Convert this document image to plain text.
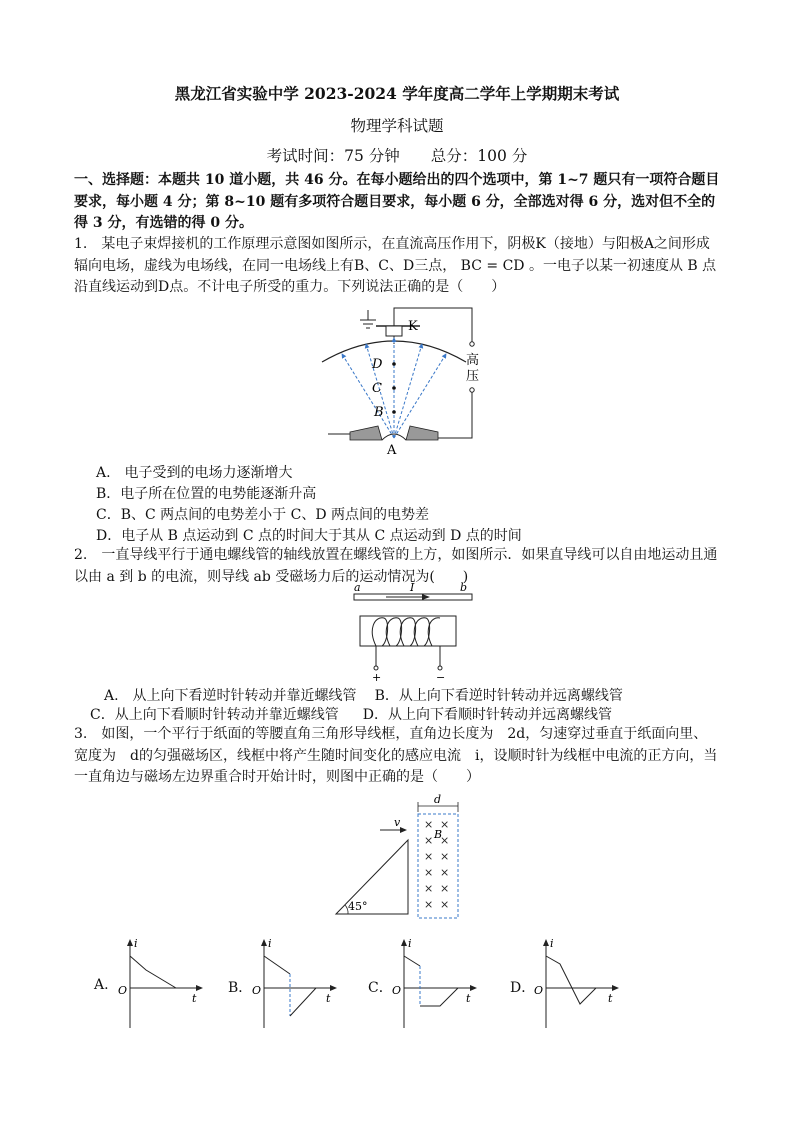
黑龙江省实验中学 2023-2024 学年度高二学年上学期期末考试
物理学科试题
考试时间：75 分钟　　总分：100 分
一、选择题：本题共 10 道小题，共 46 分。在每小题给出的四个选项中，第 1~7 题只有一项符合题目要求，每小题 4 分；第 8~10 题有多项符合题目要求，每小题 6 分，全部选对得 6 分，选对但不全的得 3 分，有选错的得 0 分。
1.　某电子束焊接机的工作原理示意图如图所示，在直流高压作用下，阴极K（接地）与阳极A之间形成辐向电场，虚线为电场线，在同一电场线上有B、C、D三点， BC = CD 。一电子以某一初速度从 B 点沿直线运动到D点。不计电子所受的重力。下列说法正确的是（　　）
K
D
C
B
A
高
压
A.　电子受到的电场力逐渐增大
B．电子所在位置的电势能逐渐升高
C．B、C 两点间的电势差小于 C、D 两点间的电势差
D．电子从 B 点运动到 C 点的时间大于其从 C 点运动到 D 点的时间
2.　一直导线平行于通电螺线管的轴线放置在螺线管的上方，如图所示．如果直导线可以自由地运动且通以由 a 到 b 的电流，则导线 ab 受磁场力后的运动情况为(　　)
a	I	b
+	−
A.　从上向下看逆时针转动并靠近螺线管 B．从上向下看逆时针转动并远离螺线管
C．从上向下看顺时针转动并靠近螺线管 D．从上向下看顺时针转动并远离螺线管
3.　如图，一个平行于纸面的等腰直角三角形导线框，直角边长度为　2d，匀速穿过垂直于纸面向里、宽度为　d的匀强磁场区，线框中将产生随时间变化的感应电流　i，设顺时针为线框中电流的正方向，当一直角边与磁场左边界重合时开始计时，则图中正确的是（　　）
45°
v
d
× ×
× ×
× ×
× ×
× ×
× ×
B
A.
i
O
t
B．
i
O
t
C．
i
O
t
D．
i
O
t
